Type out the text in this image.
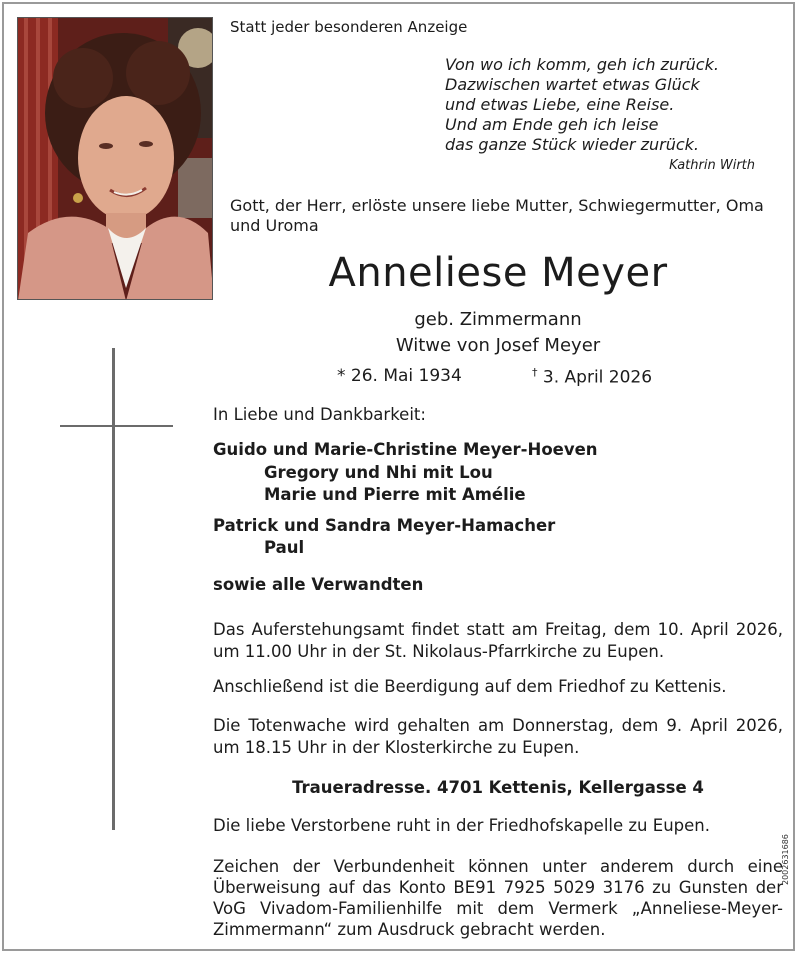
Statt jeder besonderen Anzeige
Von wo ich komm, geh ich zurück.
Dazwischen wartet etwas Glück
und etwas Liebe, eine Reise.
Und am Ende geh ich leise
das ganze Stück wieder zurück.
Kathrin Wirth
Gott, der Herr, erlöste unsere liebe Mutter, Schwiegermutter, Oma und Uroma
Anneliese Meyer
geb. Zimmermann
Witwe von Josef Meyer
* 26. Mai 1934	† 3. April 2026
In Liebe und Dankbarkeit:
Guido und Marie-Christine Meyer-Hoeven
Gregory und Nhi mit Lou
Marie und Pierre mit Amélie
Patrick und Sandra Meyer-Hamacher
Paul
sowie alle Verwandten
Das Auferstehungsamt findet statt am Freitag, dem 10. April 2026, um 11.00 Uhr in der St. Nikolaus-Pfarrkirche zu Eupen.
Anschließend ist die Beerdigung auf dem Friedhof zu Kettenis.
Die Totenwache wird gehalten am Donnerstag, dem 9. April 2026, um 18.15 Uhr in der Klosterkirche zu Eupen.
Traueradresse. 4701 Kettenis, Kellergasse 4
Die liebe Verstorbene ruht in der Friedhofskapelle zu Eupen.
Zeichen der Verbundenheit können unter anderem durch eine Überweisung auf das Konto BE91 7925 5029 3176 zu Gunsten der VoG Vivadom-Familienhilfe mit dem Vermerk „Anneliese-Meyer-Zimmermann“ zum Ausdruck gebracht werden.
2002631686
